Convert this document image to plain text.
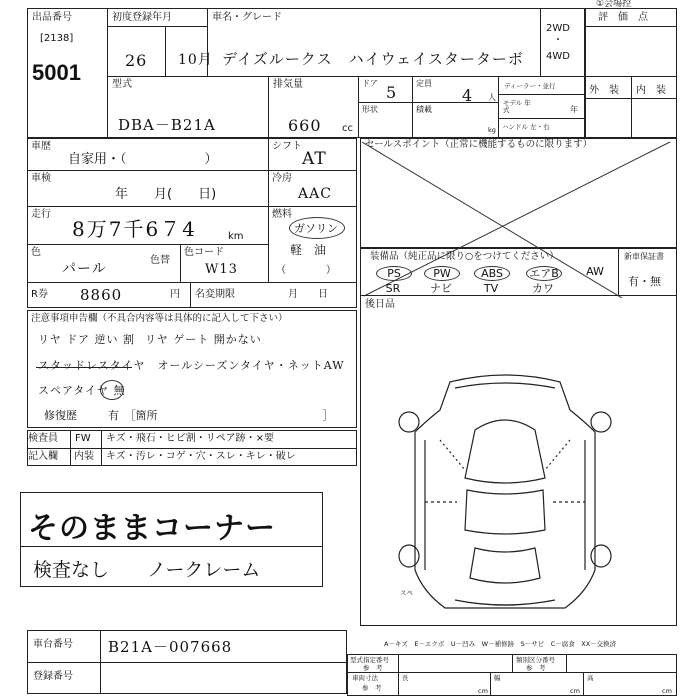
出品番号
[2138]
5001
初度登録年月
26 10月
車名・グレード
デイズルークス　ハイウェイスターターボ
2WD
・
4WD
①会場控
評　価　点
外　装 内　装
型式
DBA－B21A
排気量
660 cc
ドア 5 定員
4 人
形状	積載
kg
ディーラー・並行
モデル 年式	年
ハンドル 左・右
車歴
自家用・（　　　　　　）
シフト
AT
車検
年　　月(　　日)
冷房
AAC
走行
8万7千6７4	km
燃料
ガソリン
軽　油
（　　　　）
色
パール
色替
色コード
W13
R券 8860	円 名変期限	月　　日
注意事項申告欄（不具合内容等は具体的に記入して下さい）
リヤ ドア 逆い 割 リヤ ゲート 開かない
スタッドレスタイヤ　オールシーズンタイヤ・ネットAW
スペアタイヤ 無
修復歴	有　［箇所　　　　　　　　　　　　　　　］
検査員
記入欄
FW
内装
キズ・飛石・ヒビ割・リペア跡・×要
キズ・汚レ・コゲ・穴・スレ・キレ・破レ
そのままコーナー
検査なし　　ノークレーム
セールスポイント（正常に機能するものに限ります）
装備品（純正品に限り○をつけてください）	新車保証書
有・無
PS	PW	ABS	エアB	AW
SR	ナビ	TV	カワ
後日品
スペ
車台番号 B21A－007668
登録番号
A－キズ　E－エクボ　U－凹み　W－補修跡　S－サビ　C－腐食　XX－交換済
型式指定番号
参　考
類別区分番号
参　考
車両寸法
参　考
長
cm
幅
cm
高
cm
